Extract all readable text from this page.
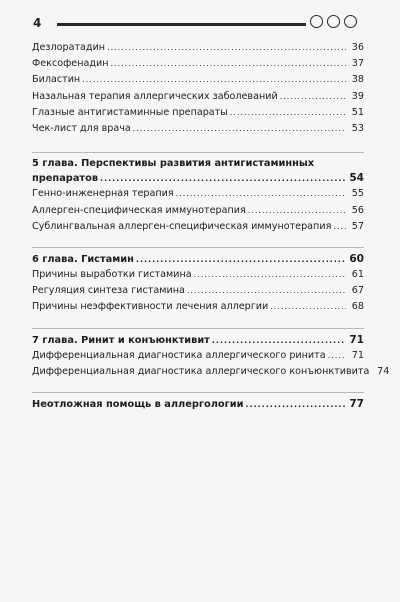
4
Дезлоратадин .....	36
Фексофенадин .....	37
Биластин .....	38
Назальная терапия аллергических заболеваний .....	39
Глазные антигистаминные препараты .....	51
Чек-лист для врача .....	53
5 глава. Перспективы развития антигистаминных
препаратов .....	54
Генно-инженерная терапия .....	55
Аллерген-специфическая иммунотерапия .....	56
Сублингвальная аллерген-специфическая иммунотерапия .....	57
6 глава. Гистамин .....	60
Причины выработки гистамина .....	61
Регуляция синтеза гистамина .....	67
Причины неэффективности лечения аллергии .....	68
7 глава. Ринит и конъюнктивит .....	71
Дифференциальная диагностика аллергического ринита .....	71
Дифференциальная диагностика аллергического конъюнктивита 74
Неотложная помощь в аллергологии .....	77
